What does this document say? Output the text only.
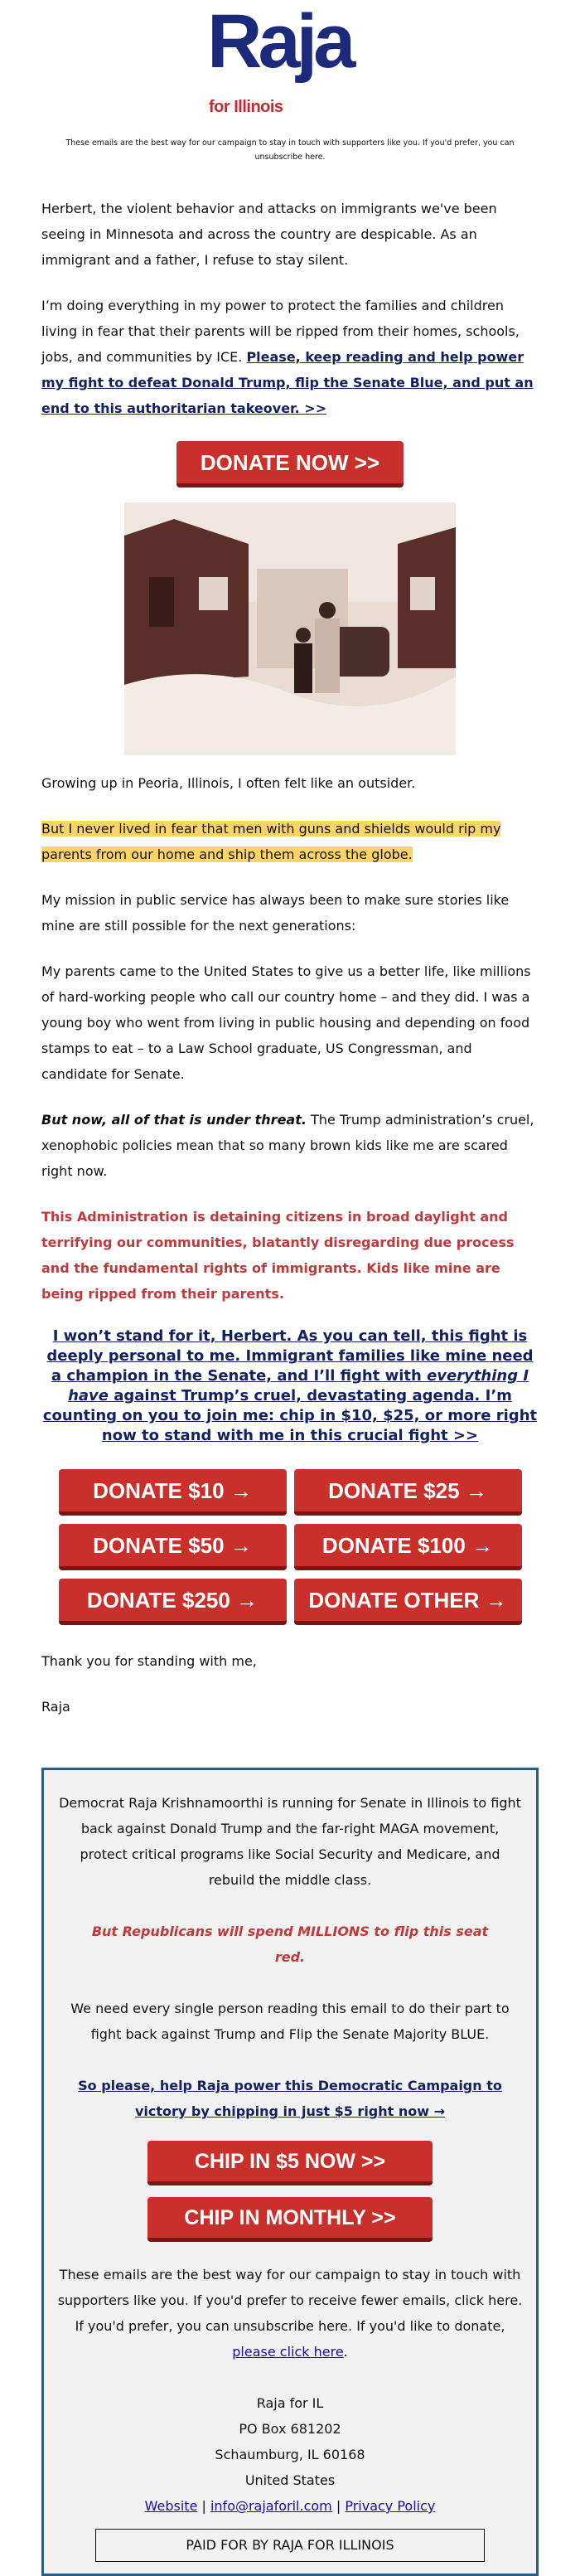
Raja
for Illinois
These emails are the best way for our campaign to stay in touch with supporters like you. If you'd prefer, you can unsubscribe here.

Herbert, the violent behavior and attacks on immigrants we've been seeing in Minnesota and across the country are despicable. As an immigrant and a father, I refuse to stay silent.

I’m doing everything in my power to protect the families and children living in fear that their parents will be ripped from their homes, schools, jobs, and communities by ICE. Please, keep reading and help power my fight to defeat Donald Trump, flip the Senate Blue, and put an end to this authoritarian takeover. >>

DONATE NOW >>

Growing up in Peoria, Illinois, I often felt like an outsider.

But I never lived in fear that men with guns and shields would rip my parents from our home and ship them across the globe.

My mission in public service has always been to make sure stories like mine are still possible for the next generations:

My parents came to the United States to give us a better life, like millions of hard-working people who call our country home – and they did. I was a young boy who went from living in public housing and depending on food stamps to eat – to a Law School graduate, US Congressman, and candidate for Senate.

But now, all of that is under threat. The Trump administration’s cruel, xenophobic policies mean that so many brown kids like me are scared right now.

This Administration is detaining citizens in broad daylight and terrifying our communities, blatantly disregarding due process and the fundamental rights of immigrants. Kids like mine are being ripped from their parents.

I won’t stand for it, Herbert. As you can tell, this fight is deeply personal to me. Immigrant families like mine need a champion in the Senate, and I’ll fight with everything I have against Trump’s cruel, devastating agenda. I’m counting on you to join me: chip in $10, $25, or more right now to stand with me in this crucial fight >>

DONATE $10 →	DONATE $25 →
DONATE $50 →	DONATE $100 →
DONATE $250 →	DONATE OTHER →

Thank you for standing with me,

Raja

Democrat Raja Krishnamoorthi is running for Senate in Illinois to fight back against Donald Trump and the far-right MAGA movement, protect critical programs like Social Security and Medicare, and rebuild the middle class.

But Republicans will spend MILLIONS to flip this seat red.

We need every single person reading this email to do their part to fight back against Trump and Flip the Senate Majority BLUE.

So please, help Raja power this Democratic Campaign to victory by chipping in just $5 right now →

CHIP IN $5 NOW >>
CHIP IN MONTHLY >>

These emails are the best way for our campaign to stay in touch with supporters like you. If you'd prefer to receive fewer emails, click here. If you'd prefer, you can unsubscribe here. If you'd like to donate, please click here.

Raja for IL
PO Box 681202
Schaumburg, IL 60168
United States
Website | info@rajaforil.com | Privacy Policy
PAID FOR BY RAJA FOR ILLINOIS
